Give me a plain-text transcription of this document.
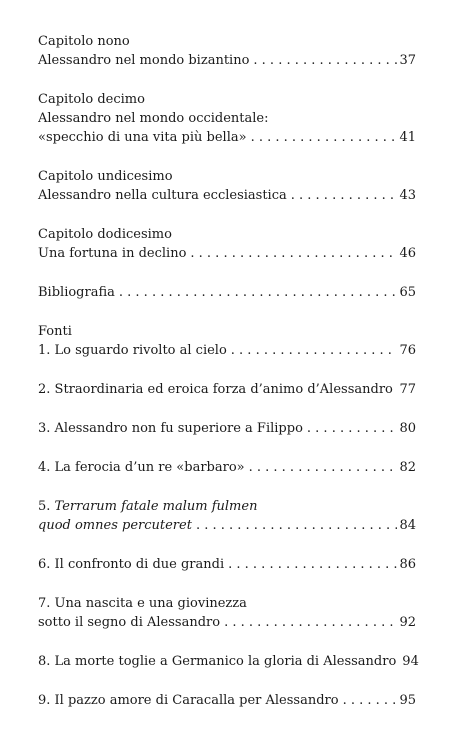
Capitolo nono
Alessandro nel mondo bizantino . . .	37
Capitolo decimo
Alessandro nel mondo occidentale:
«specchio di una vita più bella» . . .	41
Capitolo undicesimo
Alessandro nella cultura ecclesiastica . . .	43
Capitolo dodicesimo
Una fortuna in declino . . .	46
Bibliografia . . .	65
Fonti
1. Lo sguardo rivolto al cielo . . .	76
2. Straordinaria ed eroica forza d’animo d’Alessandro . . . 77
3. Alessandro non fu superiore a Filippo . . .	80
4. La ferocia d’un re «barbaro» . . .	82
5. Terrarum fatale malum fulmen
quod omnes percuteret . . .	84
6. Il confronto di due grandi . . .	86
7. Una nascita e una giovinezza
sotto il segno di Alessandro . . .	92
8. La morte toglie a Germanico la gloria di Alessandro 94
9. Il pazzo amore di Caracalla per Alessandro . . .	95
